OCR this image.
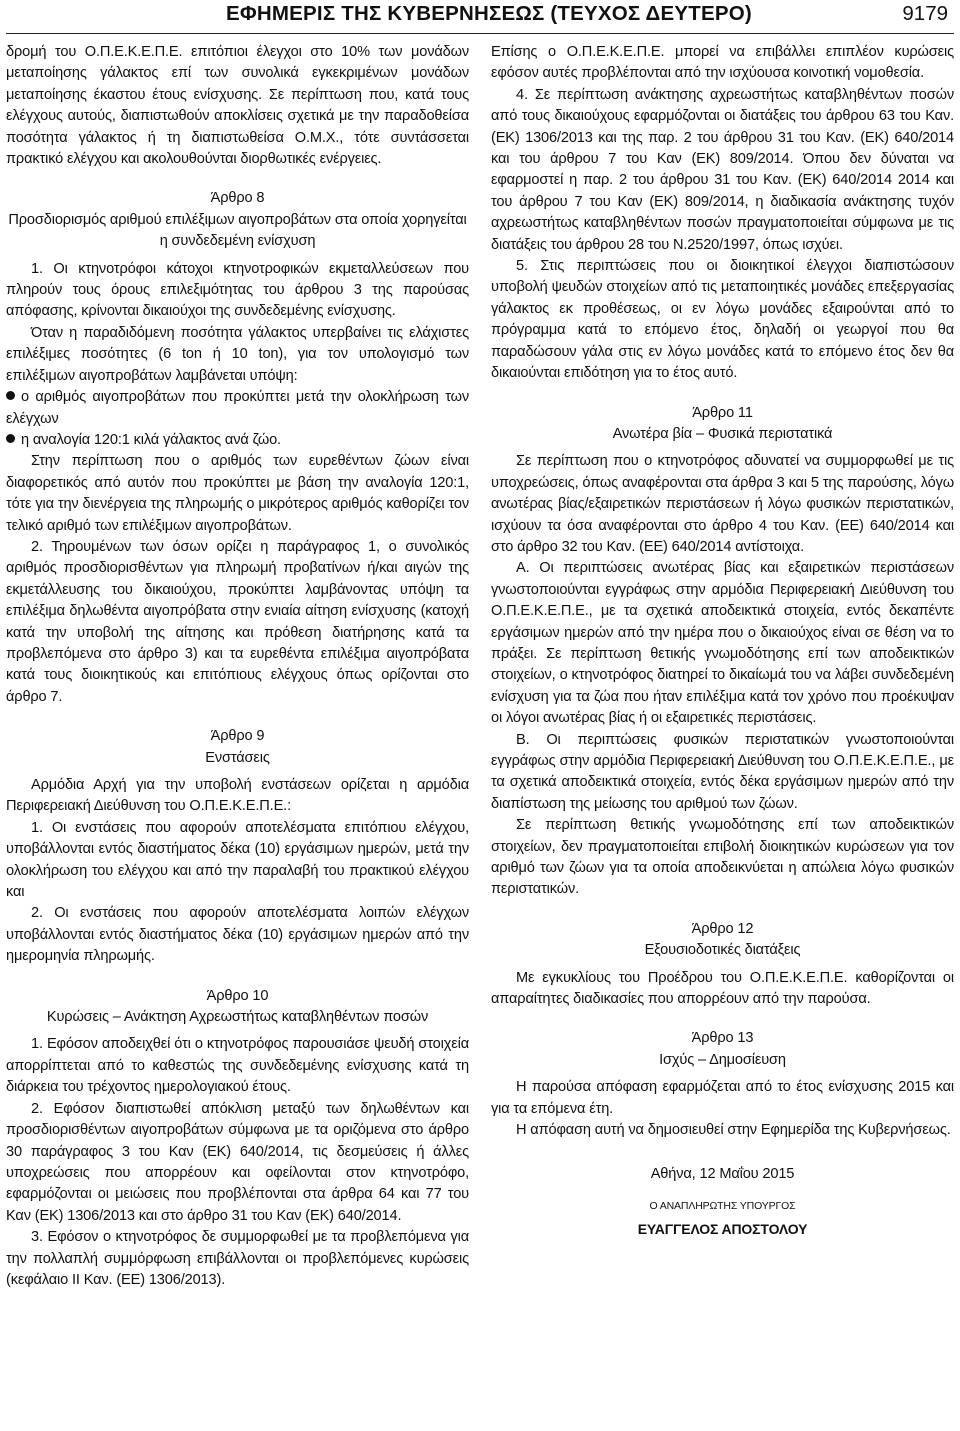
ΕΦΗΜΕΡΙΣ ΤΗΣ ΚΥΒΕΡΝΗΣΕΩΣ (ΤΕΥΧΟΣ ΔΕΥΤΕΡΟ)	9179

δρομή του Ο.Π.Ε.Κ.Ε.Π.Ε. επιτόπιοι έλεγχοι στο 10% των μονάδων μεταποίησης γάλακτος επί των συνολικά εγκεκριμένων μονάδων μεταποίησης έκαστου έτους ενίσχυσης. Σε περίπτωση που, κατά τους ελέγχους αυτούς, διαπιστωθούν αποκλίσεις σχετικά με την παραδοθείσα ποσότητα γάλακτος ή τη διαπιστωθείσα Ο.Μ.Χ., τότε συντάσσεται πρακτικό ελέγχου και ακολουθούνται διορθωτικές ενέργειες.

Άρθρο 8
Προσδιορισμός αριθμού επιλέξιμων αιγοπροβάτων στα οποία χορηγείται η συνδεδεμένη ενίσχυση

1. Οι κτηνοτρόφοι κάτοχοι κτηνοτροφικών εκμεταλλεύσεων που πληρούν τους όρους επιλεξιμότητας του άρθρου 3 της παρούσας απόφασης, κρίνονται δικαιούχοι της συνδεδεμένης ενίσχυσης.

Όταν η παραδιδόμενη ποσότητα γάλακτος υπερβαίνει τις ελάχιστες επιλέξιμες ποσότητες (6 ton ή 10 ton), για τον υπολογισμό των επιλέξιμων αιγοπροβάτων λαμβάνεται υπόψη:

ο αριθμός αιγοπροβάτων που προκύπτει μετά την ολοκλήρωση των ελέγχων

η αναλογία 120:1 κιλά γάλακτος ανά ζώο.

Στην περίπτωση που ο αριθμός των ευρεθέντων ζώων είναι διαφορετικός από αυτόν που προκύπτει με βάση την αναλογία 120:1, τότε για την διενέργεια της πληρωμής ο μικρότερος αριθμός καθορίζει τον τελικό αριθμό των επιλέξιμων αιγοπροβάτων.

2. Τηρουμένων των όσων ορίζει η παράγραφος 1, ο συνολικός αριθμός προσδιορισθέντων για πληρωμή προβατίνων ή/και αιγών της εκμετάλλευσης του δικαιούχου, προκύπτει λαμβάνοντας υπόψη τα επιλέξιμα δηλωθέντα αιγοπρόβατα στην ενιαία αίτηση ενίσχυσης (κατοχή κατά την υποβολή της αίτησης και πρόθεση διατήρησης κατά τα προβλεπόμενα στο άρθρο 3) και τα ευρεθέντα επιλέξιμα αιγοπρόβατα κατά τους διοικητικούς και επιτόπιους ελέγχους όπως ορίζονται στο άρθρο 7.

Άρθρο 9
Ενστάσεις

Αρμόδια Αρχή για την υποβολή ενστάσεων ορίζεται η αρμόδια Περιφερειακή Διεύθυνση του Ο.Π.Ε.Κ.Ε.Π.Ε.:

1. Οι ενστάσεις που αφορούν αποτελέσματα επιτόπιου ελέγχου, υποβάλλονται εντός διαστήματος δέκα (10) εργάσιμων ημερών, μετά την ολοκλήρωση του ελέγχου και από την παραλαβή του πρακτικού ελέγχου και

2. Οι ενστάσεις που αφορούν αποτελέσματα λοιπών ελέγχων υποβάλλονται εντός διαστήματος δέκα (10) εργάσιμων ημερών από την ημερομηνία πληρωμής.

Άρθρο 10
Κυρώσεις – Ανάκτηση Αχρεωστήτως καταβληθέντων ποσών

1. Εφόσον αποδειχθεί ότι ο κτηνοτρόφος παρουσιάσε ψευδή στοιχεία απορρίπτεται από το καθεστώς της συνδεδεμένης ενίσχυσης κατά τη διάρκεια του τρέχοντος ημερολογιακού έτους.

2. Εφόσον διαπιστωθεί απόκλιση μεταξύ των δηλωθέντων και προσδιορισθέντων αιγοπροβάτων σύμφωνα με τα οριζόμενα στο άρθρο 30 παράγραφος 3 του Καν (ΕΚ) 640/2014, τις δεσμεύσεις ή άλλες υποχρεώσεις που απορρέουν και οφείλονται στον κτηνοτρόφο, εφαρμόζονται οι μειώσεις που προβλέπονται στα άρθρα 64 και 77 του Καν (ΕΚ) 1306/2013 και στο άρθρο 31 του Καν (ΕΚ) 640/2014.

3. Εφόσον ο κτηνοτρόφος δε συμμορφωθεί με τα προβλεπόμενα για την πολλαπλή συμμόρφωση επιβάλλονται οι προβλεπόμενες κυρώσεις (κεφάλαιο ΙΙ Καν. (ΕΕ) 1306/2013).

Επίσης ο Ο.Π.Ε.Κ.Ε.Π.Ε. μπορεί να επιβάλλει επιπλέον κυρώσεις εφόσον αυτές προβλέπονται από την ισχύουσα κοινοτική νομοθεσία.

4. Σε περίπτωση ανάκτησης αχρεωστήτως καταβληθέντων ποσών από τους δικαιούχους εφαρμόζονται οι διατάξεις του άρθρου 63 του Καν. (ΕΚ) 1306/2013 και της παρ. 2 του άρθρου 31 του Καν. (ΕΚ) 640/2014 και του άρθρου 7 του Καν (ΕΚ) 809/2014. Όπου δεν δύναται να εφαρμοστεί η παρ. 2 του άρθρου 31 του Καν. (ΕΚ) 640/2014 2014 και του άρθρου 7 του Καν (ΕΚ) 809/2014, η διαδικασία ανάκτησης τυχόν αχρεωστήτως καταβληθέντων ποσών πραγματοποιείται σύμφωνα με τις διατάξεις του άρθρου 28 του Ν.2520/1997, όπως ισχύει.

5. Στις περιπτώσεις που οι διοικητικοί έλεγχοι διαπιστώσουν υποβολή ψευδών στοιχείων από τις μεταποιητικές μονάδες επεξεργασίας γάλακτος εκ προθέσεως, οι εν λόγω μονάδες εξαιρούνται από το πρόγραμμα κατά το επόμενο έτος, δηλαδή οι γεωργοί που θα παραδώσουν γάλα στις εν λόγω μονάδες κατά το επόμενο έτος δεν θα δικαιούνται επιδότηση για το έτος αυτό.

Άρθρο 11
Ανωτέρα βία – Φυσικά περιστατικά

Σε περίπτωση που ο κτηνοτρόφος αδυνατεί να συμμορφωθεί με τις υποχρεώσεις, όπως αναφέρονται στα άρθρα 3 και 5 της παρούσης, λόγω ανωτέρας βίας/εξαιρετικών περιστάσεων ή λόγω φυσικών περιστατικών, ισχύουν τα όσα αναφέρονται στο άρθρο 4 του Καν. (ΕΕ) 640/2014 και στο άρθρο 32 του Καν. (ΕΕ) 640/2014 αντίστοιχα.

Α. Οι περιπτώσεις ανωτέρας βίας και εξαιρετικών περιστάσεων γνωστοποιούνται εγγράφως στην αρμόδια Περιφερειακή Διεύθυνση του Ο.Π.Ε.Κ.Ε.Π.Ε., με τα σχετικά αποδεικτικά στοιχεία, εντός δεκαπέντε εργάσιμων ημερών από την ημέρα που ο δικαιούχος είναι σε θέση να το πράξει. Σε περίπτωση θετικής γνωμοδότησης επί των αποδεικτικών στοιχείων, ο κτηνοτρόφος διατηρεί το δικαίωμά του να λάβει συνδεδεμένη ενίσχυση για τα ζώα που ήταν επιλέξιμα κατά τον χρόνο που προέκυψαν οι λόγοι ανωτέρας βίας ή οι εξαιρετικές περιστάσεις.

Β. Οι περιπτώσεις φυσικών περιστατικών γνωστοποιούνται εγγράφως στην αρμόδια Περιφερειακή Διεύθυνση του Ο.Π.Ε.Κ.Ε.Π.Ε., με τα σχετικά αποδεικτικά στοιχεία, εντός δέκα εργάσιμων ημερών από την διαπίστωση της μείωσης του αριθμού των ζώων.

Σε περίπτωση θετικής γνωμοδότησης επί των αποδεικτικών στοιχείων, δεν πραγματοποιείται επιβολή διοικητικών κυρώσεων για τον αριθμό των ζώων για τα οποία αποδεικνύεται η απώλεια λόγω φυσικών περιστατικών.

Άρθρο 12
Εξουσιοδοτικές διατάξεις

Με εγκυκλίους του Προέδρου του Ο.Π.Ε.Κ.Ε.Π.Ε. καθορίζονται οι απαραίτητες διαδικασίες που απορρέουν από την παρούσα.

Άρθρο 13
Ισχύς – Δημοσίευση

Η παρούσα απόφαση εφαρμόζεται από το έτος ενίσχυσης 2015 και για τα επόμενα έτη.

Η απόφαση αυτή να δημοσιευθεί στην Εφημερίδα της Κυβερνήσεως.

Αθήνα, 12 Μαΐου 2015
Ο ΑΝΑΠΛΗΡΩΤΗΣ ΥΠΟΥΡΓΟΣ
ΕΥΑΓΓΕΛΟΣ ΑΠΟΣΤΟΛΟΥ
